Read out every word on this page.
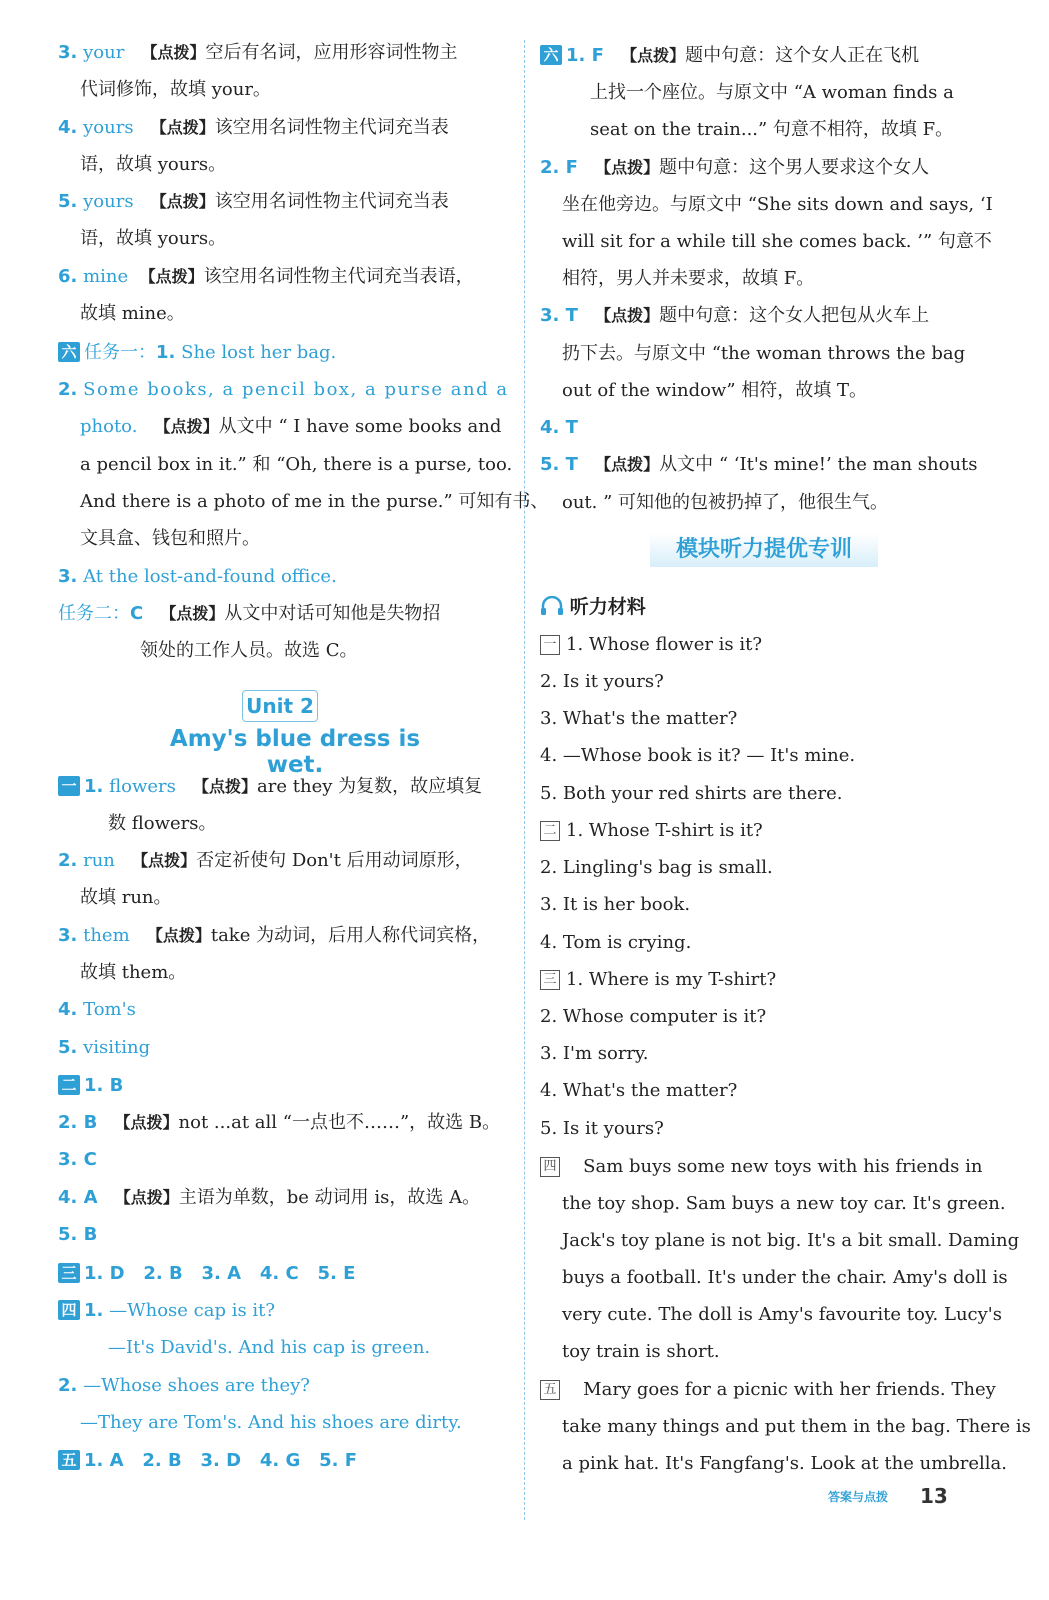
3. your 【点拨】空后有名词，应用形容词性物主
代词修饰，故填 your。
4. yours 【点拨】该空用名词性物主代词充当表
语，故填 yours。
5. yours 【点拨】该空用名词性物主代词充当表
语，故填 yours。
6. mine 【点拨】该空用名词性物主代词充当表语，
故填 mine。
六 任务一：1. She lost her bag.
2. Some books, a pencil box, a purse and a
photo. 【点拨】从文中 “ I have some books and
a pencil box in it.” 和 “Oh, there is a purse, too.
And there is a photo of me in the purse.” 可知有书、
文具盒、钱包和照片。
3. At the lost-and-found office.
任务二：C 【点拨】从文中对话可知他是失物招
领处的工作人员。故选 C。
Unit 2
Amy's blue dress is wet.
一 1. flowers 【点拨】are they 为复数，故应填复
数 flowers。
2. run 【点拨】否定祈使句 Don't 后用动词原形，
故填 run。
3. them 【点拨】take 为动词，后用人称代词宾格，
故填 them。
4. Tom's
5. visiting
二 1. B
2. B 【点拨】not ...at all “一点也不……”，故选 B。
3. C
4. A 【点拨】主语为单数，be 动词用 is，故选 A。
5. B
三 1. D   2. B   3. A   4. C   5. E
四 1. —Whose cap is it?
—It's David's. And his cap is green.
2. —Whose shoes are they?
—They are Tom's. And his shoes are dirty.
五 1. A   2. B   3. D   4. G   5. F
六 1. F 【点拨】题中句意：这个女人正在飞机
上找一个座位。与原文中 “A woman finds a
seat on the train...” 句意不相符，故填 F。
2. F 【点拨】题中句意：这个男人要求这个女人
坐在他旁边。与原文中 “She sits down and says, ‘I
will sit for a while till she comes back. ’” 句意不
相符，男人并未要求，故填 F。
3. T 【点拨】题中句意：这个女人把包从火车上
扔下去。与原文中 “the woman throws the bag
out of the window” 相符，故填 T。
4. T
5. T 【点拨】从文中 “ ‘It's mine!’ the man shouts
out. ” 可知他的包被扔掉了，他很生气。
听力材料
一 1. Whose flower is it?
2. Is it yours?
3. What's the matter?
4. —Whose book is it? — It's mine.
5. Both your red shirts are there.
二 1. Whose T-shirt is it?
2. Lingling's bag is small.
3. It is her book.
4. Tom is crying.
三 1. Where is my T-shirt?
2. Whose computer is it?
3. I'm sorry.
4. What's the matter?
5. Is it yours?
四 Sam buys some new toys with his friends in
the toy shop. Sam buys a new toy car. It's green.
Jack's toy plane is not big. It's a bit small. Daming
buys a football. It's under the chair. Amy's doll is
very cute. The doll is Amy's favourite toy. Lucy's
toy train is short.
五 Mary goes for a picnic with her friends. They
take many things and put them in the bag. There is
a pink hat. It's Fangfang's. Look at the umbrella.
模块听力提优专训
答案与点拨 13
